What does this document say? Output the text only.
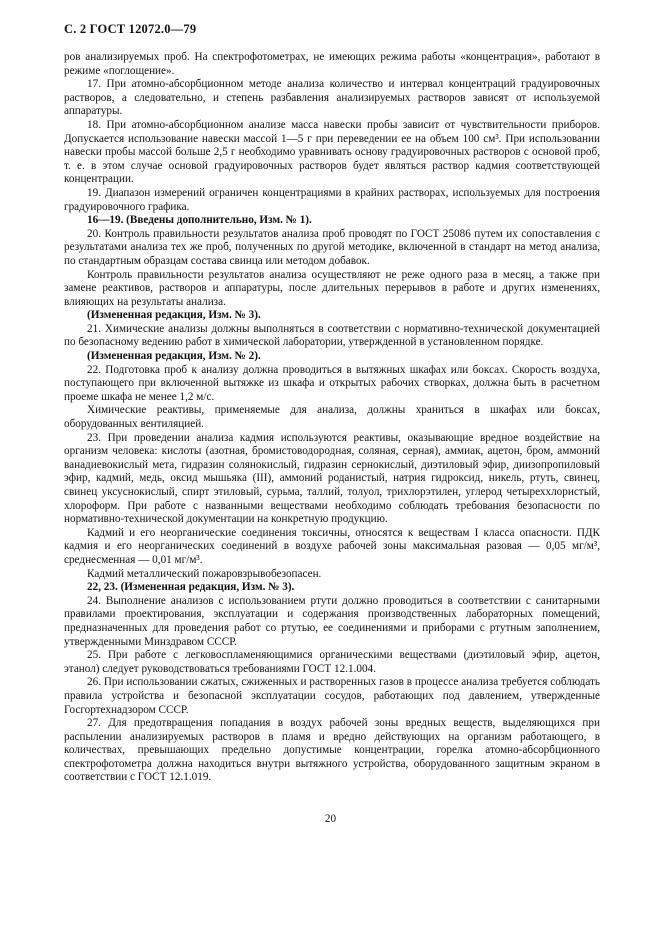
С. 2 ГОСТ 12072.0—79

ров анализируемых проб. На спектрофотометрах, не имеющих режима работы «концентрация», работают в режиме «поглощение».

17. При атомно-абсорбционном методе анализа количество и интервал концентраций градуировочных растворов, а следовательно, и степень разбавления анализируемых растворов зависят от используемой аппаратуры.

18. При атомно-абсорбционном анализе масса навески пробы зависит от чувствительности приборов. Допускается использование навески массой 1—5 г при переведении ее на объем 100 см³. При использовании навески пробы массой больше 2,5 г необходимо уравнивать основу градуировочных растворов с основой проб, т. е. в этом случае основой градуировочных растворов будет являться раствор кадмия соответствующей концентрации.

19. Диапазон измерений ограничен концентрациями в крайних растворах, используемых для построения градуировочного графика.

16—19. (Введены дополнительно, Изм. № 1).

20. Контроль правильности результатов анализа проб проводят по ГОСТ 25086 путем их сопоставления с результатами анализа тех же проб, полученных по другой методике, включенной в стандарт на метод анализа, по стандартным образцам состава свинца или методом добавок.

Контроль правильности результатов анализа осуществляют не реже одного раза в месяц, а также при замене реактивов, растворов и аппаратуры, после длительных перерывов в работе и других изменениях, влияющих на результаты анализа.

(Измененная редакция, Изм. № 3).

21. Химические анализы должны выполняться в соответствии с нормативно-технической документацией по безопасному ведению работ в химической лаборатории, утвержденной в установленном порядке.

(Измененная редакция, Изм. № 2).

22. Подготовка проб к анализу должна проводиться в вытяжных шкафах или боксах. Скорость воздуха, поступающего при включенной вытяжке из шкафа и открытых рабочих створках, должна быть в расчетном проеме шкафа не менее 1,2 м/с.

Химические реактивы, применяемые для анализа, должны храниться в шкафах или боксах, оборудованных вентиляцией.

23. При проведении анализа кадмия используются реактивы, оказывающие вредное воздействие на организм человека: кислоты (азотная, бромистоводородная, соляная, серная), аммиак, ацетон, бром, аммоний ванадиевокислый мета, гидразин солянокислый, гидразин сернокислый, диэтиловый эфир, диизопропиловый эфир, кадмий, медь, оксид мышьяка (III), аммоний роданистый, натрия гидроксид, никель, ртуть, свинец, свинец уксуснокислый, спирт этиловый, сурьма, таллий, толуол, трихлорэтилен, углерод четыреххлористый, хлороформ. При работе с названными веществами необходимо соблюдать требования безопасности по нормативно-технической документации на конкретную продукцию.

Кадмий и его неорганические соединения токсичны, относятся к веществам I класса опасности. ПДК кадмия и его неорганических соединений в воздухе рабочей зоны максимальная разовая — 0,05 мг/м³, среднесменная — 0,01 мг/м³.

Кадмий металлический пожаровзрывобезопасен.

22, 23. (Измененная редакция, Изм. № 3).

24. Выполнение анализов с использованием ртути должно проводиться в соответствии с санитарными правилами проектирования, эксплуатации и содержания производственных лабораторных помещений, предназначенных для проведения работ со ртутью, ее соединениями и приборами с ртутным заполнением, утвержденными Минздравом СССР.

25. При работе с легковоспламеняющимися органическими веществами (диэтиловый эфир, ацетон, этанол) следует руководствоваться требованиями ГОСТ 12.1.004.

26. При использовании сжатых, сжиженных и растворенных газов в процессе анализа требуется соблюдать правила устройства и безопасной эксплуатации сосудов, работающих под давлением, утвержденные Госгортехнадзором СССР.

27. Для предотвращения попадания в воздух рабочей зоны вредных веществ, выделяющихся при распылении анализируемых растворов в пламя и вредно действующих на организм работающего, в количествах, превышающих предельно допустимые концентрации, горелка атомно-абсорбционного спектрофотометра должна находиться внутри вытяжного устройства, оборудованного защитным экраном в соответствии с ГОСТ 12.1.019.

20
